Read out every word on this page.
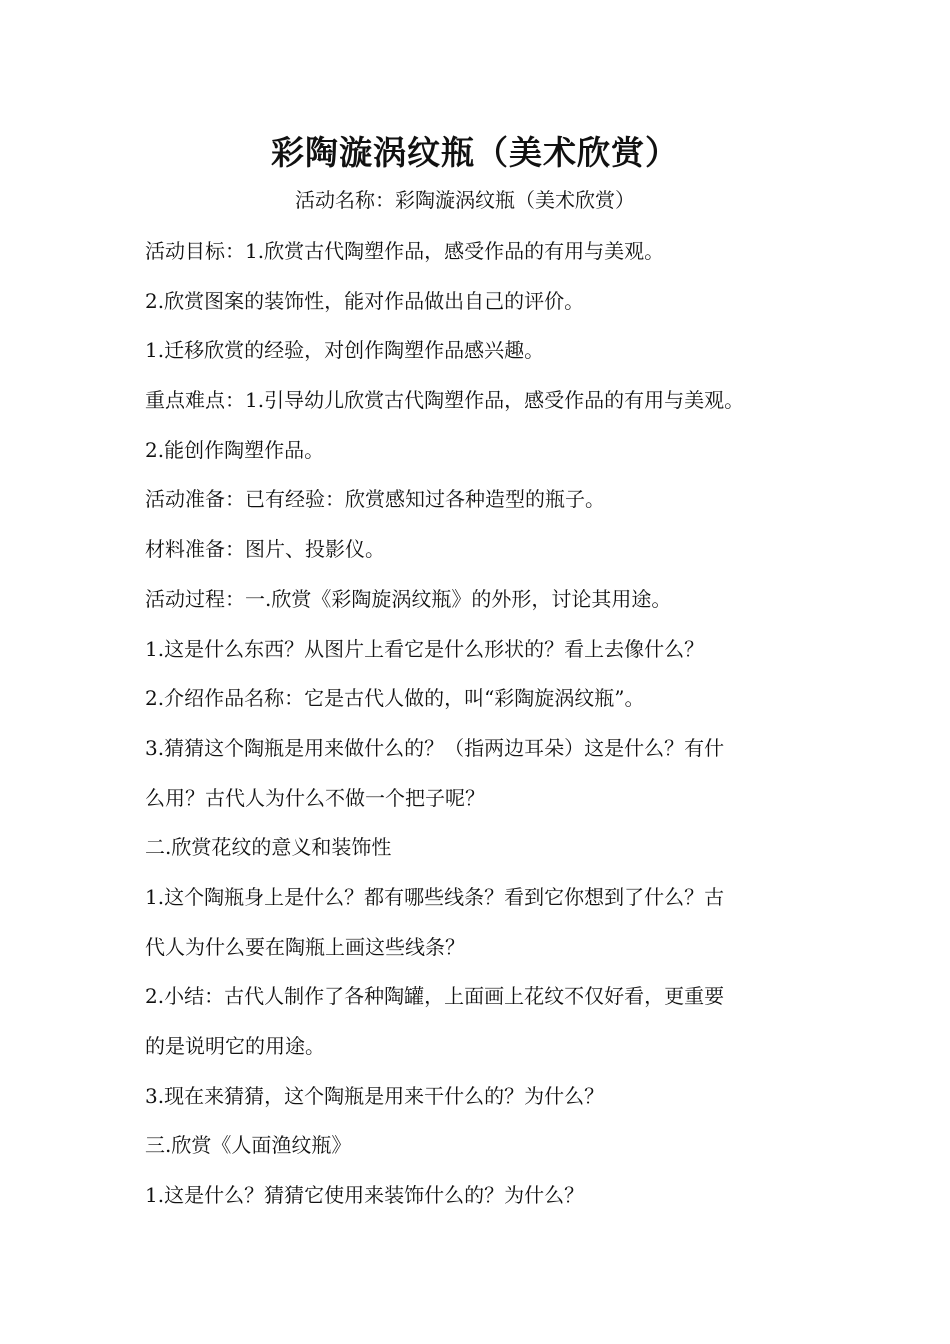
彩陶漩涡纹瓶（美术欣赏）
活动名称：彩陶漩涡纹瓶（美术欣赏）
活动目标：1.欣赏古代陶塑作品，感受作品的有用与美观。
2.欣赏图案的装饰性，能对作品做出自己的评价。
1.迁移欣赏的经验，对创作陶塑作品感兴趣。
重点难点：1.引导幼儿欣赏古代陶塑作品，感受作品的有用与美观。
2.能创作陶塑作品。
活动准备：已有经验：欣赏感知过各种造型的瓶子。
材料准备：图片、投影仪。
活动过程：一.欣赏《彩陶旋涡纹瓶》的外形，讨论其用途。
1.这是什么东西？从图片上看它是什么形状的？看上去像什么？
2.介绍作品名称：它是古代人做的，叫“彩陶旋涡纹瓶”。
3.猜猜这个陶瓶是用来做什么的？（指两边耳朵）这是什么？有什
么用？古代人为什么不做一个把子呢？
二.欣赏花纹的意义和装饰性
1.这个陶瓶身上是什么？都有哪些线条？看到它你想到了什么？古
代人为什么要在陶瓶上画这些线条？
2.小结：古代人制作了各种陶罐，上面画上花纹不仅好看，更重要
的是说明它的用途。
3.现在来猜猜，这个陶瓶是用来干什么的？为什么？
三.欣赏《人面渔纹瓶》
1.这是什么？猜猜它使用来装饰什么的？为什么？
